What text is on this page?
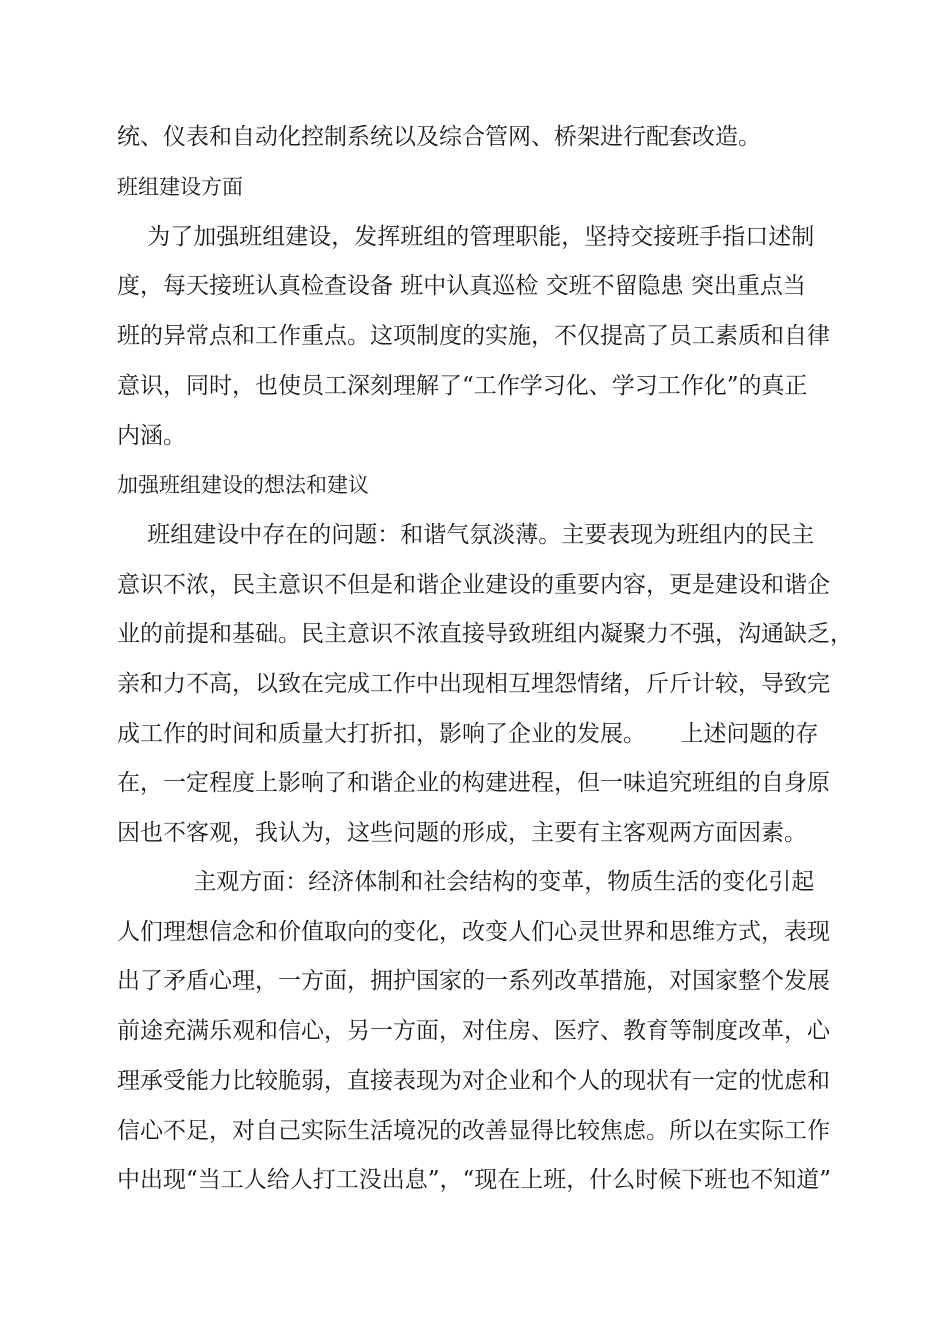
统、仪表和自动化控制系统以及综合管网、桥架进行配套改造。
班组建设方面
　 为了加强班组建设，发挥班组的管理职能，坚持交接班手指口述制
度，每天接班认真检查设备 班中认真巡检 交班不留隐患 突出重点当
班的异常点和工作重点。这项制度的实施，不仅提高了员工素质和自律
意识，同时，也使员工深刻理解了“工作学习化、学习工作化”的真正
内涵。
加强班组建设的想法和建议
　 班组建设中存在的问题：和谐气氛淡薄。主要表现为班组内的民主
意识不浓，民主意识不但是和谐企业建设的重要内容，更是建设和谐企
业的前提和基础。民主意识不浓直接导致班组内凝聚力不强，沟通缺乏，
亲和力不高，以致在完成工作中出现相互埋怨情绪，斤斤计较，导致完
成工作的时间和质量大打折扣，影响了企业的发展。　　上述问题的存
在，一定程度上影响了和谐企业的构建进程，但一味追究班组的自身原
因也不客观，我认为，这些问题的形成，主要有主客观两方面因素。
　　　 主观方面：经济体制和社会结构的变革，物质生活的变化引起
人们理想信念和价值取向的变化，改变人们心灵世界和思维方式，表现
出了矛盾心理，一方面，拥护国家的一系列改革措施，对国家整个发展
前途充满乐观和信心，另一方面，对住房、医疗、教育等制度改革，心
理承受能力比较脆弱，直接表现为对企业和个人的现状有一定的忧虑和
信心不足，对自己实际生活境况的改善显得比较焦虑。所以在实际工作
中出现“当工人给人打工没出息”，“现在上班，什么时候下班也不知道”
